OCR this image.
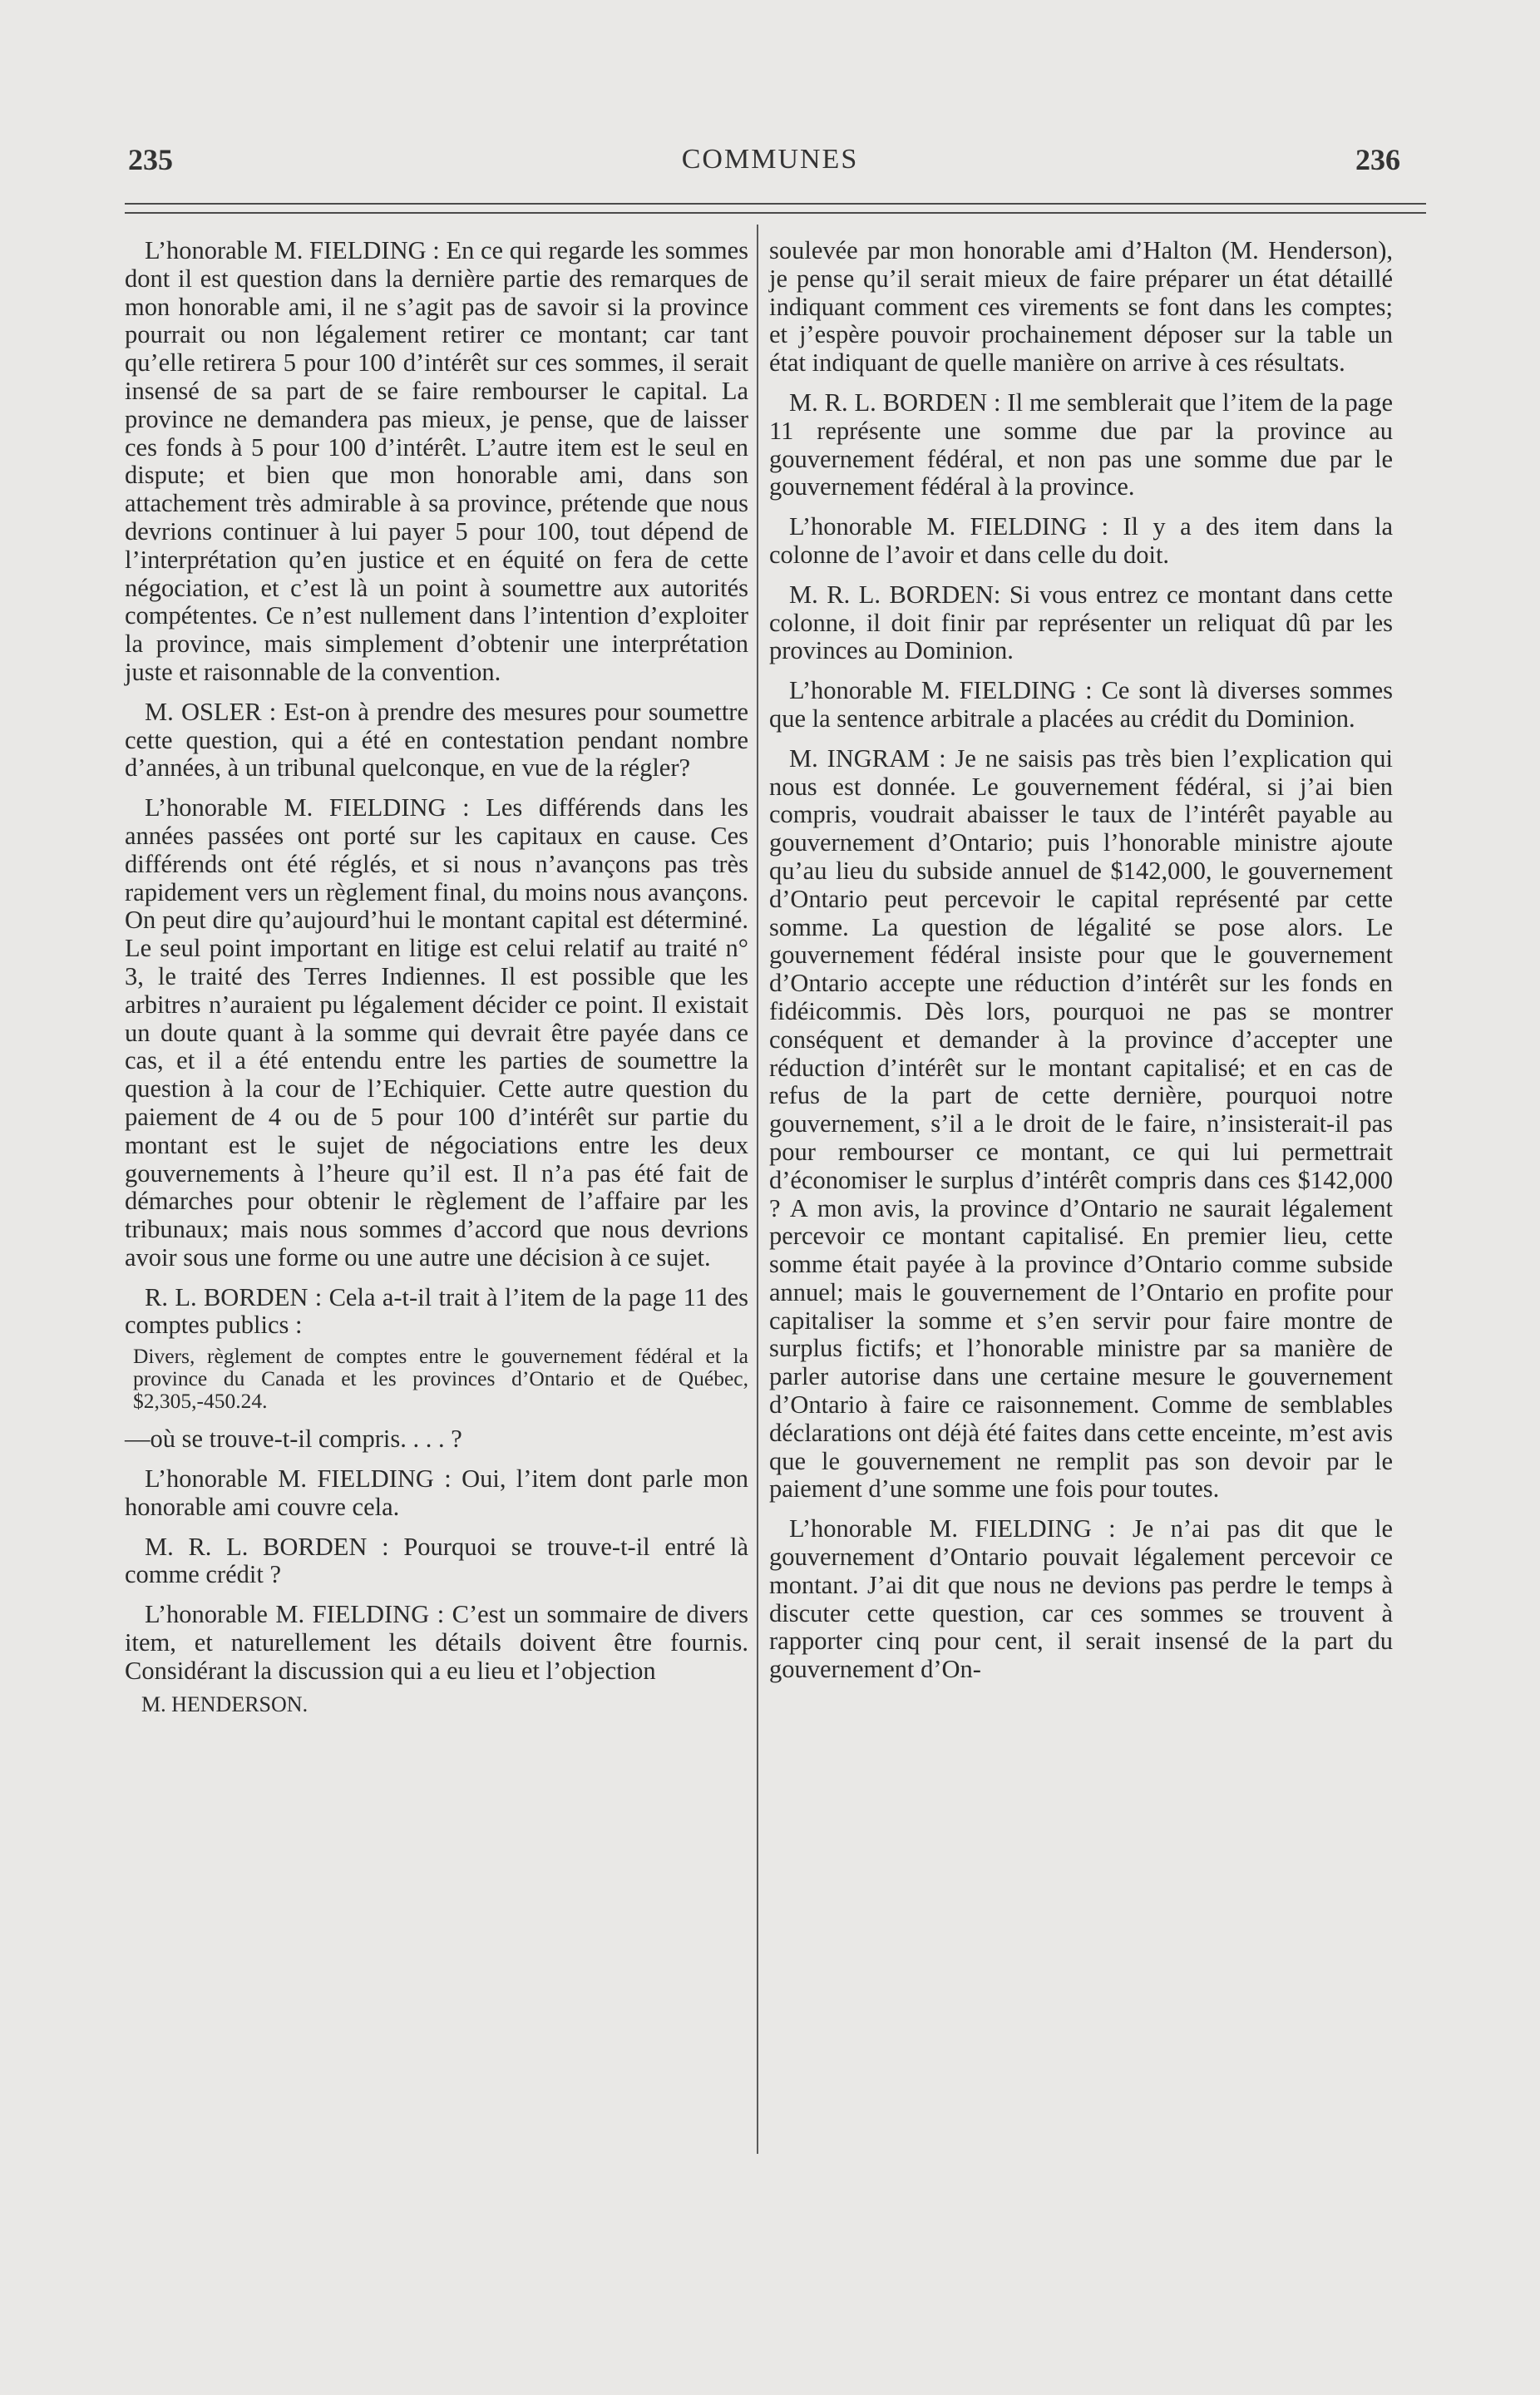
COMMUNES
235	236

L’honorable M. FIELDING : En ce qui regarde les sommes dont il est question dans la dernière partie des remarques de mon honorable ami, il ne s’agit pas de savoir si la province pourrait ou non légalement retirer ce montant; car tant qu’elle retirera 5 pour 100 d’intérêt sur ces sommes, il serait insensé de sa part de se faire rembourser le capital. La province ne demandera pas mieux, je pense, que de laisser ces fonds à 5 pour 100 d’intérêt. L’autre item est le seul en dispute; et bien que mon honorable ami, dans son attachement très admirable à sa province, prétende que nous devrions continuer à lui payer 5 pour 100, tout dépend de l’interprétation qu’en justice et en équité on fera de cette négociation, et c’est là un point à soumettre aux autorités compétentes. Ce n’est nullement dans l’intention d’exploiter la province, mais simplement d’obtenir une interprétation juste et raisonnable de la convention.

M. OSLER : Est-on à prendre des mesures pour soumettre cette question, qui a été en contestation pendant nombre d’années, à un tribunal quelconque, en vue de la régler?

L’honorable M. FIELDING : Les différends dans les années passées ont porté sur les capitaux en cause. Ces différends ont été réglés, et si nous n’avançons pas très rapidement vers un règlement final, du moins nous avançons. On peut dire qu’aujourd’hui le montant capital est déterminé. Le seul point important en litige est celui relatif au traité n° 3, le traité des Terres Indiennes. Il est possible que les arbitres n’auraient pu légalement décider ce point. Il existait un doute quant à la somme qui devrait être payée dans ce cas, et il a été entendu entre les parties de soumettre la question à la cour de l’Echiquier. Cette autre question du paiement de 4 ou de 5 pour 100 d’intérêt sur partie du montant est le sujet de négociations entre les deux gouvernements à l’heure qu’il est. Il n’a pas été fait de démarches pour obtenir le règlement de l’affaire par les tribunaux; mais nous sommes d’accord que nous devrions avoir sous une forme ou une autre une décision à ce sujet.

R. L. BORDEN : Cela a-t-il trait à l’item de la page 11 des comptes publics :

Divers, règlement de comptes entre le gouvernement fédéral et la province du Canada et les provinces d’Ontario et de Québec, $2,305,-450.24.

—où se trouve-t-il compris. . . . ?

L’honorable M. FIELDING : Oui, l’item dont parle mon honorable ami couvre cela.

M. R. L. BORDEN : Pourquoi se trouve-t-il entré là comme crédit ?

L’honorable M. FIELDING : C’est un sommaire de divers item, et naturellement les détails doivent être fournis. Considérant la discussion qui a eu lieu et l’objection

M. HENDERSON.

soulevée par mon honorable ami d’Halton (M. Henderson), je pense qu’il serait mieux de faire préparer un état détaillé indiquant comment ces virements se font dans les comptes; et j’espère pouvoir prochainement déposer sur la table un état indiquant de quelle manière on arrive à ces résultats.

M. R. L. BORDEN : Il me semblerait que l’item de la page 11 représente une somme due par la province au gouvernement fédéral, et non pas une somme due par le gouvernement fédéral à la province.

L’honorable M. FIELDING : Il y a des item dans la colonne de l’avoir et dans celle du doit.

M. R. L. BORDEN: Si vous entrez ce montant dans cette colonne, il doit finir par représenter un reliquat dû par les provinces au Dominion.

L’honorable M. FIELDING : Ce sont là diverses sommes que la sentence arbitrale a placées au crédit du Dominion.

M. INGRAM : Je ne saisis pas très bien l’explication qui nous est donnée. Le gouvernement fédéral, si j’ai bien compris, voudrait abaisser le taux de l’intérêt payable au gouvernement d’Ontario; puis l’honorable ministre ajoute qu’au lieu du subside annuel de $142,000, le gouvernement d’Ontario peut percevoir le capital représenté par cette somme. La question de légalité se pose alors. Le gouvernement fédéral insiste pour que le gouvernement d’Ontario accepte une réduction d’intérêt sur les fonds en fidéicommis. Dès lors, pourquoi ne pas se montrer conséquent et demander à la province d’accepter une réduction d’intérêt sur le montant capitalisé; et en cas de refus de la part de cette dernière, pourquoi notre gouvernement, s’il a le droit de le faire, n’insisterait-il pas pour rembourser ce montant, ce qui lui permettrait d’économiser le surplus d’intérêt compris dans ces $142,000 ? A mon avis, la province d’Ontario ne saurait légalement percevoir ce montant capitalisé. En premier lieu, cette somme était payée à la province d’Ontario comme subside annuel; mais le gouvernement de l’Ontario en profite pour capitaliser la somme et s’en servir pour faire montre de surplus fictifs; et l’honorable ministre par sa manière de parler autorise dans une certaine mesure le gouvernement d’Ontario à faire ce raisonnement. Comme de semblables déclarations ont déjà été faites dans cette enceinte, m’est avis que le gouvernement ne remplit pas son devoir par le paiement d’une somme une fois pour toutes.

L’honorable M. FIELDING : Je n’ai pas dit que le gouvernement d’Ontario pouvait légalement percevoir ce montant. J’ai dit que nous ne devions pas perdre le temps à discuter cette question, car ces sommes se trouvent à rapporter cinq pour cent, il serait insensé de la part du gouvernement d’On-
